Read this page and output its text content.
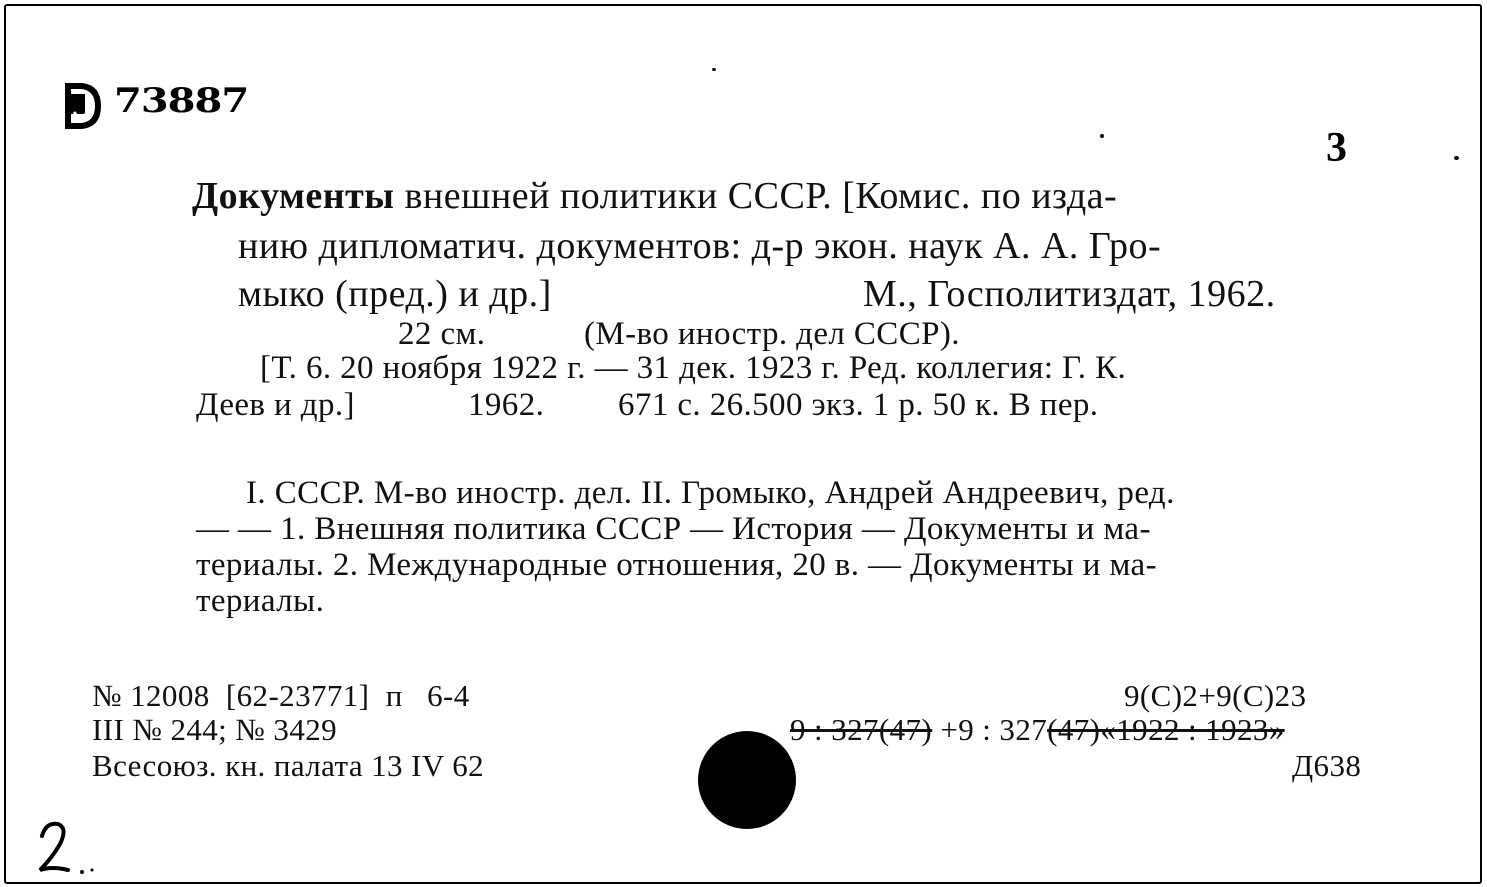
73887
3
Документы внешней политики СССР. [Комис. по изда-
нию дипломатич. документов: д-р экон. наук А. А. Гро-
мыко (пред.) и др.]	М., Госполитиздат, 1962.
22 см.	(М-во иностр. дел СССР).
[Т. 6. 20 ноября 1922 г. — 31 дек. 1923 г. Ред. коллегия: Г. К.
Деев и др.]	1962. 671 с. 26.500 экз. 1 р. 50 к. В пер.
I. СССР. М-во иностр. дел. II. Громыко, Андрей Андреевич, ред.
— — 1. Внешняя политика СССР — История — Документы и ма-
териалы. 2. Международные отношения, 20 в. — Документы и ма-
териалы.
№ 12008  [62-23771]  п   6-4
III № 244; № 3429
Всесоюз. кн. палата 13 IV 62
9(С)2+9(С)23
9 : 327(47) +9 : 327(47)«1922 : 1923»
Д638
